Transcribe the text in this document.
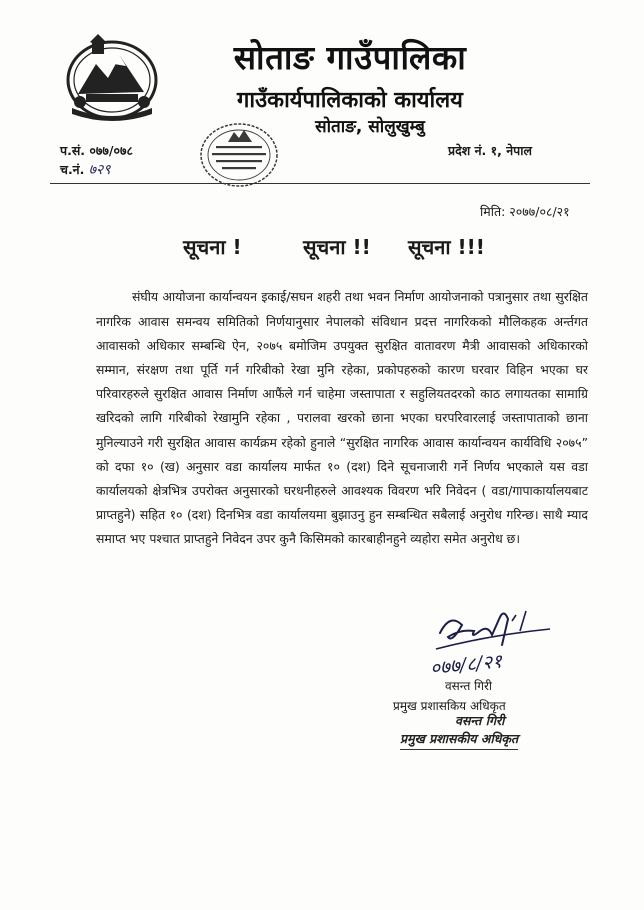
सोताङ गाउँपालिका
गाउँकार्यपालिकाको कार्यालय
सोताङ, सोलुखुम्बु
प.सं. ०७७/०७८
च.नं. ७२९
प्रदेश नं. १, नेपाल
मिति: २०७७/०८/२१
सूचना !	सूचना !! सूचना !!!

संघीय आयोजना कार्यान्वयन इकाई/सघन शहरी तथा भवन निर्माण आयोजनाको पत्रानुसार तथा सुरक्षित नागरिक आवास समन्वय समितिको निर्णयानुसार नेपालको संविधान प्रदत्त नागरिकको मौलिकहक अर्न्तगत आवासको अधिकार सम्बन्धि ऐन, २०७५ बमोजिम उपयुक्त सुरक्षित वातावरण मैत्री आवासको अधिकारको सम्मान, संरक्षण तथा पूर्ति गर्न गरिबीको रेखा मुनि रहेका, प्रकोपहरुको कारण घरवार विहिन भएका घर परिवारहरुले सुरक्षित आवास निर्माण आफैंले गर्न चाहेमा जस्तापाता र सहुलियतदरको काठ लगायतका सामाग्रि खरिदको लागि गरिबीको रेखामुनि रहेका , परालवा खरको छाना भएका घरपरिवारलाई जस्तापाताको छाना मुनिल्याउने गरी सुरक्षित आवास कार्यक्रम रहेको हुनाले “सुरक्षित नागरिक आवास कार्यान्वयन कार्यविधि २०७५” को दफा १० (ख) अनुसार वडा कार्यालय मार्फत १० (दश) दिने सूचनाजारी गर्ने निर्णय भएकाले यस वडा कार्यालयको क्षेत्रभित्र उपरोक्त अनुसारको घरधनीहरुले आवश्यक विवरण भरि निवेदन ( वडा/गापाकार्यालयबाट प्राप्तहुने) सहित १० (दश) दिनभित्र वडा कार्यालयमा बुझाउनु हुन सम्बन्धित सबैलाई अनुरोध गरिन्छ। साथै म्याद समाप्त भए पश्चात प्राप्तहुने निवेदन उपर कुनै किसिमको कारबाहीनहुने व्यहोरा समेत अनुरोध छ।

०७७/८/२१
वसन्त गिरी
प्रमुख प्रशासकिय अधिकृत
वसन्त गिरी
प्रमुख प्रशासकीय अधिकृत
